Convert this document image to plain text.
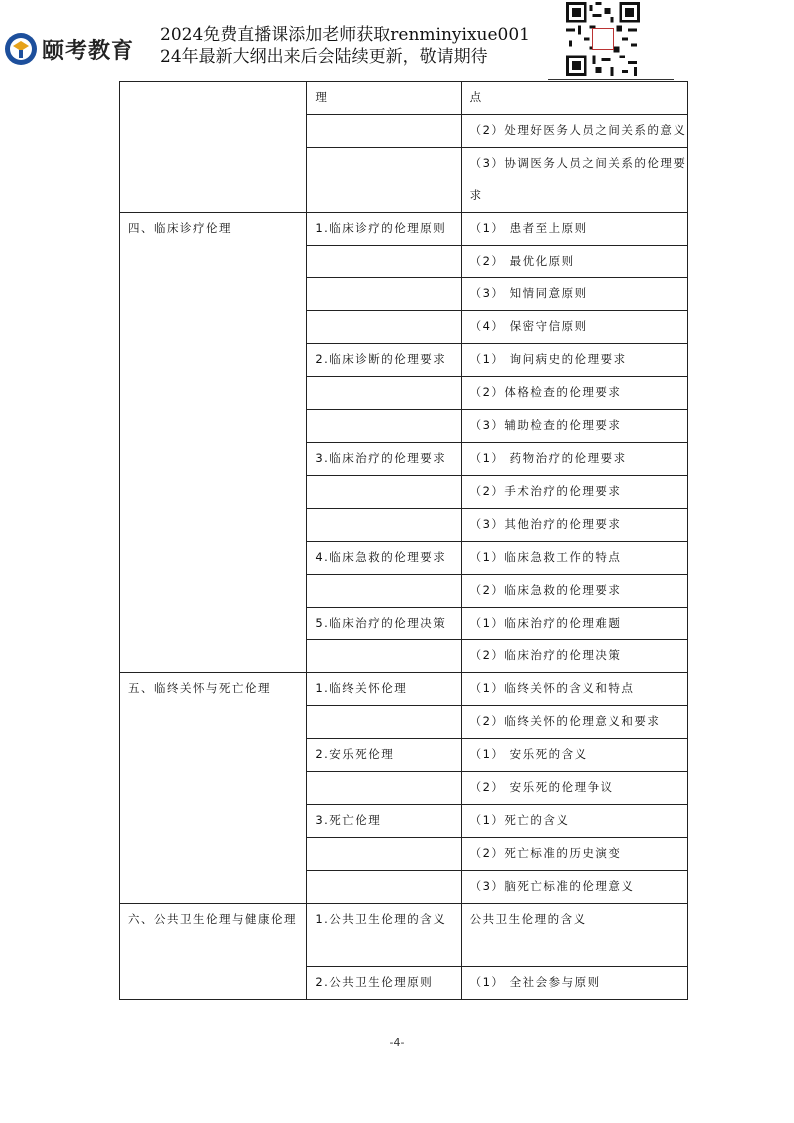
颐考教育
2024免费直播课添加老师获取renminyixue001
24年最新大纲出来后会陆续更新，敬请期待
	理	点
		（2）处理好医务人员之间关系的意义
		（3）协调医务人员之间关系的伦理要求
四、临床诊疗伦理	1.临床诊疗的伦理原则	（1） 患者至上原则
		（2） 最优化原则
		（3） 知情同意原则
		（4） 保密守信原则
	2.临床诊断的伦理要求	（1） 询问病史的伦理要求
		（2）体格检查的伦理要求
		（3）辅助检查的伦理要求
	3.临床治疗的伦理要求	（1） 药物治疗的伦理要求
		（2）手术治疗的伦理要求
		（3）其他治疗的伦理要求
	4.临床急救的伦理要求	（1）临床急救工作的特点
		（2）临床急救的伦理要求
	5.临床治疗的伦理决策	（1）临床治疗的伦理难题
		（2）临床治疗的伦理决策
五、临终关怀与死亡伦理	1.临终关怀伦理	（1）临终关怀的含义和特点
		（2）临终关怀的伦理意义和要求
	2.安乐死伦理	（1） 安乐死的含义
		（2） 安乐死的伦理争议
	3.死亡伦理	（1）死亡的含义
		（2）死亡标准的历史演变
		（3）脑死亡标准的伦理意义
六、公共卫生伦理与健康伦理	1.公共卫生伦理的含义	公共卫生伦理的含义
	2.公共卫生伦理原则	（1） 全社会参与原则
-4-
